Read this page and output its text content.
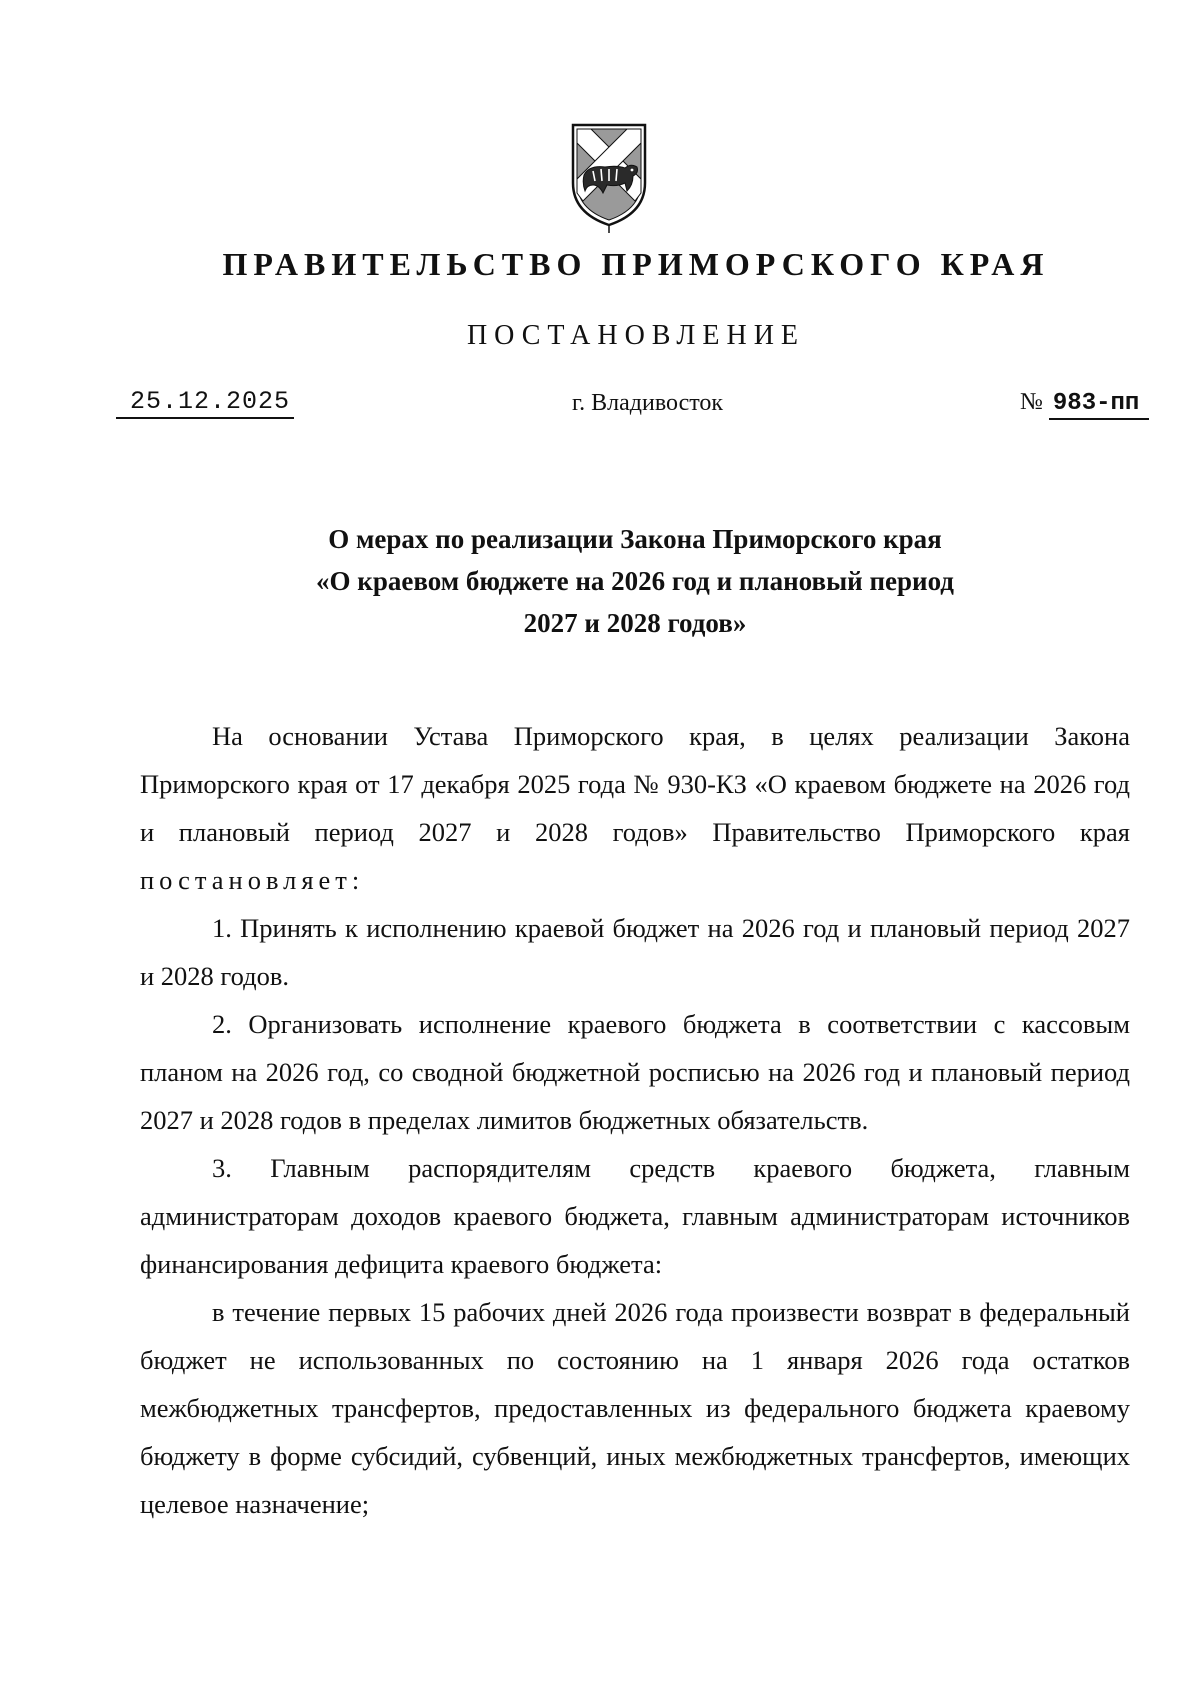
ПРАВИТЕЛЬСТВО ПРИМОРСКОГО КРАЯ
ПОСТАНОВЛЕНИЕ
25.12.2025	г. Владивосток	№ 983-пп
О мерах по реализации Закона Приморского края
«О краевом бюджете на 2026 год и плановый период
2027 и 2028 годов»

На основании Устава Приморского края, в целях реализации Закона Приморского края от 17 декабря 2025 года № 930-КЗ «О краевом бюджете на 2026 год и плановый период 2027 и 2028 годов» Правительство Приморского края постановляет:

1. Принять к исполнению краевой бюджет на 2026 год и плановый период 2027 и 2028 годов.

2. Организовать исполнение краевого бюджета в соответствии с кассовым планом на 2026 год, со сводной бюджетной росписью на 2026 год и плановый период 2027 и 2028 годов в пределах лимитов бюджетных обязательств.

3. Главным распорядителям средств краевого бюджета, главным администраторам доходов краевого бюджета, главным администраторам источников финансирования дефицита краевого бюджета:

в течение первых 15 рабочих дней 2026 года произвести возврат в федеральный бюджет не использованных по состоянию на 1 января 2026 года остатков межбюджетных трансфертов, предоставленных из федерального бюджета краевому бюджету в форме субсидий, субвенций, иных межбюджетных трансфертов, имеющих целевое назначение;
